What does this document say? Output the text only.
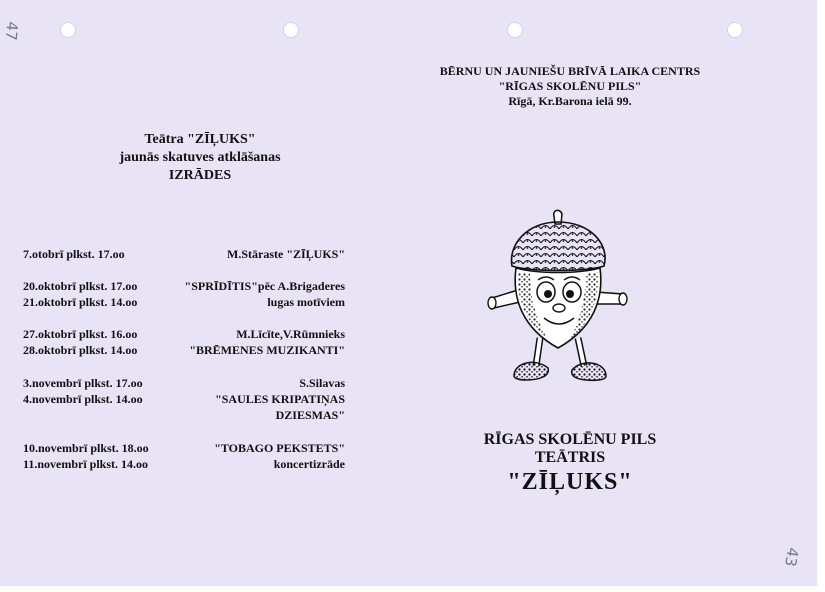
47
43
BĒRNU UN JAUNIEŠU BRĪVĀ LAIKA CENTRS
"RĪGAS SKOLĒNU PILS"
Rīgā, Kr.Barona ielā 99.
Teātra "ZĪĻUKS"
jaunās skatuves atklāšanas
IZRĀDES
7.otobrī plkst. 17.oo	M.Stāraste "ZĪĻUKS"
20.oktobrī plkst. 17.oo
21.oktobrī plkst. 14.oo
"SPRĪDĪTIS"pēc A.Brigaderes
lugas motīviem
27.oktobrī plkst. 16.oo
28.oktobrī plkst. 14.oo
M.Līcīte,V.Rūmnieks
"BRĒMENES MUZIKANTI"
3.novembrī plkst. 17.oo
4.novembrī plkst. 14.oo
S.Silavas
"SAULES KRIPATIŅAS
DZIESMAS"
10.novembrī plkst. 18.oo
11.novembrī plkst. 14.oo
"TOBAGO PEKSTETS"
koncertizrāde
RĪGAS SKOLĒNU PILS
TEĀTRIS
"ZĪĻUKS"
